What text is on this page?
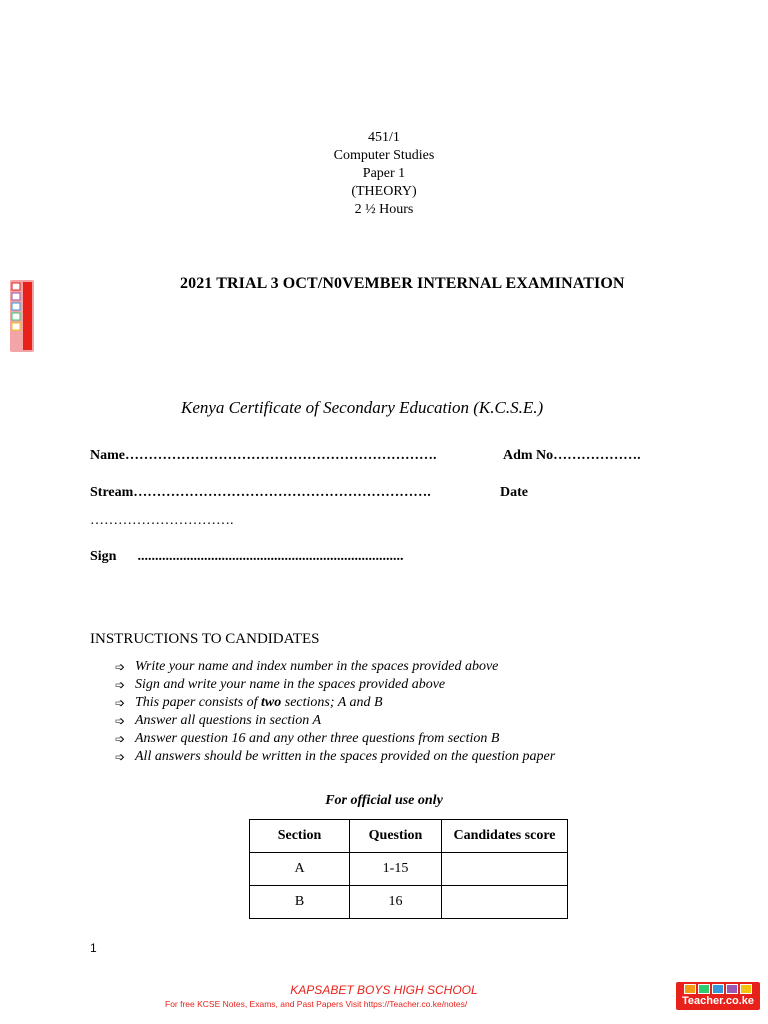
451/1
Computer Studies
Paper 1
(THEORY)
2 ½ Hours
2021 TRIAL 3 OCT/N0VEMBER INTERNAL EXAMINATION
Kenya Certificate of Secondary Education (K.C.S.E.)
Name………………………………………………………….	Adm No……………….
Stream……………………………………………………….	Date
………………………….
Sign      ............................................................................
INSTRUCTIONS TO CANDIDATES
➩ Write your name and index number in the spaces provided above
➩ Sign and write your name in the spaces provided above
➩ This paper consists of two sections; A and B
➩ Answer all questions in section A
➩ Answer question 16 and any other three questions from section B
➩ All answers should be written in the spaces provided on the question paper
For official use only
Section	Question	Candidates score
A	1-15	
B	16	
1
KAPSABET BOYS HIGH SCHOOL
For free KCSE Notes, Exams, and Past Papers Visit https://Teacher.co.ke/notes/	Teacher.co.ke
